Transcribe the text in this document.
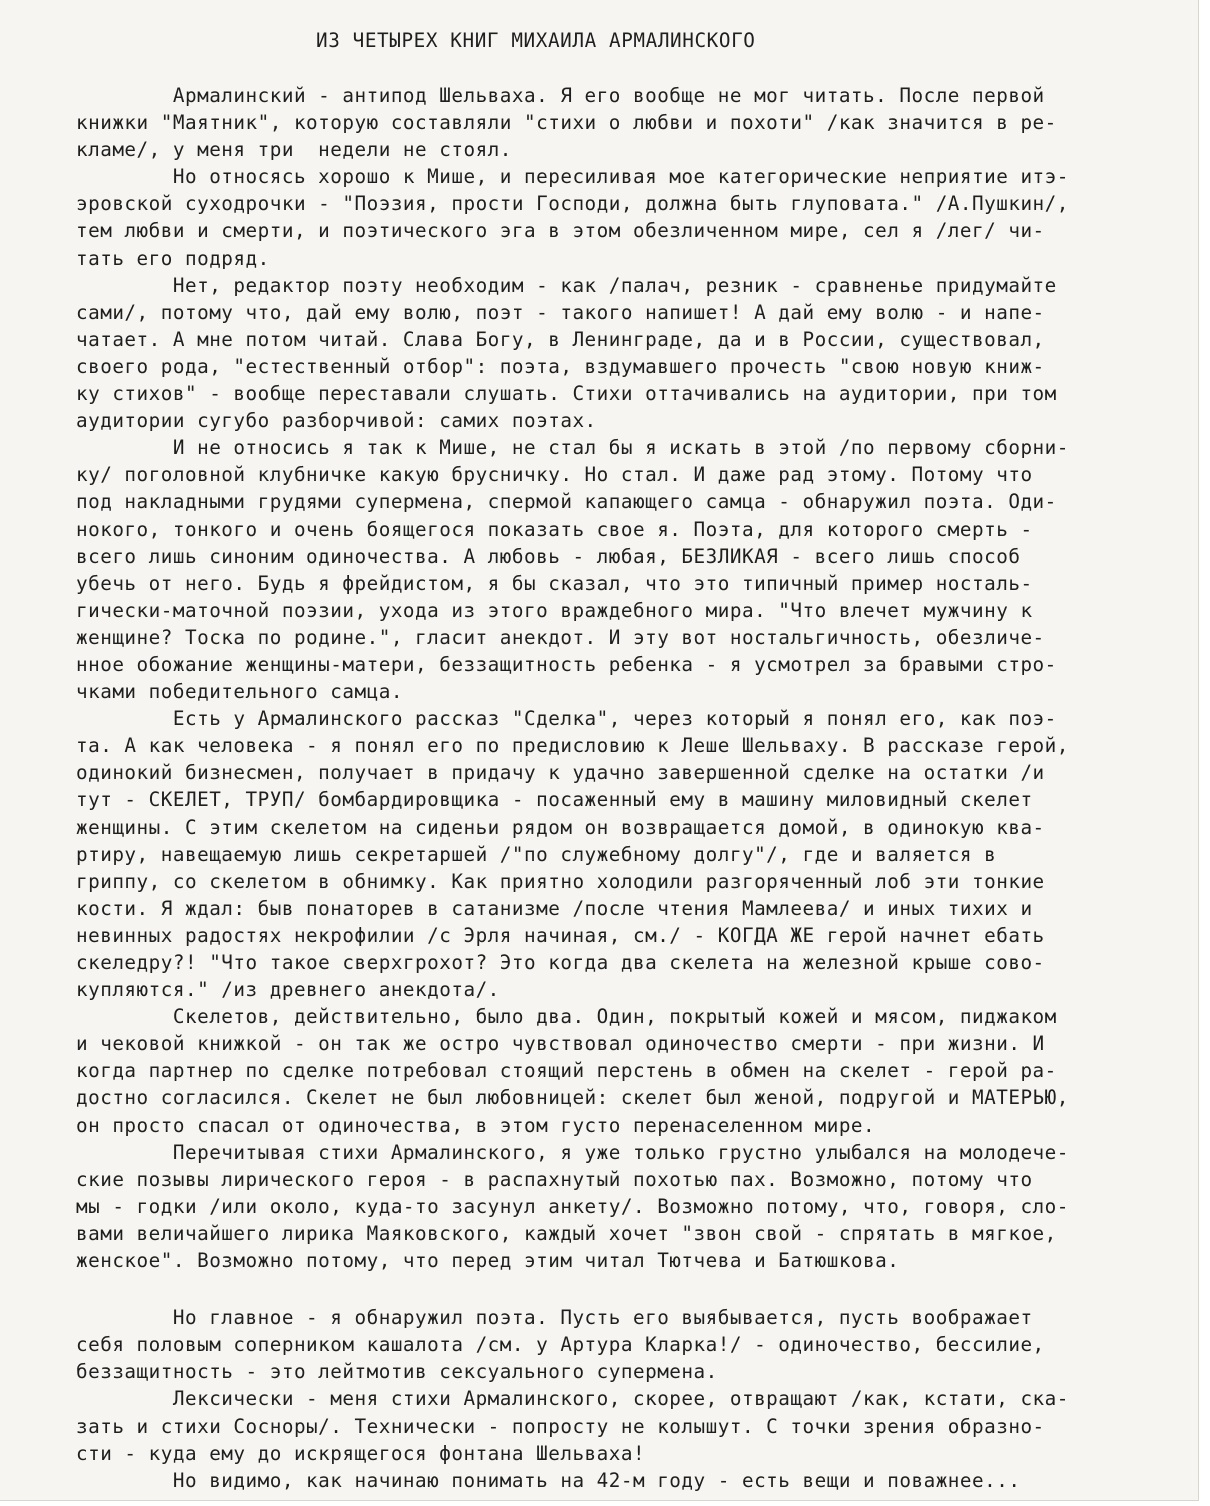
ИЗ ЧЕТЫРЕХ КНИГ МИХАИЛА АРМАЛИНСКОГО
Армалинский - антипод Шельваха. Я его вообще не мог читать. После первой
книжки "Маятник", которую составляли "стихи о любви и похоти" /как значится в ре-
кламе/, у меня три  недели не стоял.
Но относясь хорошо к Мише, и пересиливая мое категорические неприятие итэ-
эровской суходрочки - "Поэзия, прости Господи, должна быть глуповата." /А.Пушкин/,
тем любви и смерти, и поэтического эга в этом обезличенном мире, сел я /лег/ чи-
тать его подряд.
Нет, редактор поэту необходим - как /палач, резник - сравненье придумайте
сами/, потому что, дай ему волю, поэт - такого напишет! А дай ему волю - и напе-
чатает. А мне потом читай. Слава Богу, в Ленинграде, да и в России, существовал,
своего рода, "естественный отбор": поэта, вздумавшего прочесть "свою новую книж-
ку стихов" - вообще переставали слушать. Стихи оттачивались на аудитории, при том
аудитории сугубо разборчивой: самих поэтах.
И не относись я так к Мише, не стал бы я искать в этой /по первому сборни-
ку/ поголовной клубничке какую брусничку. Но стал. И даже рад этому. Потому что
под накладными грудями супермена, спермой капающего самца - обнаружил поэта. Оди-
нокого, тонкого и очень боящегося показать свое я. Поэта, для которого смерть -
всего лишь синоним одиночества. А любовь - любая, БЕЗЛИКАЯ - всего лишь способ
убечь от него. Будь я фрейдистом, я бы сказал, что это типичный пример носталь-
гически-маточной поэзии, ухода из этого враждебного мира. "Что влечет мужчину к
женщине? Тоска по родине.", гласит анекдот. И эту вот ностальгичность, обезличе-
нное обожание женщины-матери, беззащитность ребенка - я усмотрел за бравыми стро-
чками победительного самца.
Есть у Армалинского рассказ "Сделка", через который я понял его, как поэ-
та. А как человека - я понял его по предисловию к Леше Шельваху. В рассказе герой,
одинокий бизнесмен, получает в придачу к удачно завершенной сделке на остатки /и
тут - СКЕЛЕТ, ТРУП/ бомбардировщика - посаженный ему в машину миловидный скелет
женщины. С этим скелетом на сиденьи рядом он возвращается домой, в одинокую ква-
ртиру, навещаемую лишь секретаршей /"по служебному долгу"/, где и валяется в
гриппу, со скелетом в обнимку. Как приятно холодили разгоряченный лоб эти тонкие
кости. Я ждал: быв понаторев в сатанизме /после чтения Мамлеева/ и иных тихих и
невинных радостях некрофилии /с Эрля начиная, см./ - КОГДА ЖЕ герой начнет ебать
скеледру?! "Что такое сверхгрохот? Это когда два скелета на железной крыше сово-
купляются." /из древнего анекдота/.
Скелетов, действительно, было два. Один, покрытый кожей и мясом, пиджаком
и чековой книжкой - он так же остро чувствовал одиночество смерти - при жизни. И
когда партнер по сделке потребовал стоящий перстень в обмен на скелет - герой ра-
достно согласился. Скелет не был любовницей: скелет был женой, подругой и МАТЕРЬЮ,
он просто спасал от одиночества, в этом густо перенаселенном мире.
Перечитывая стихи Армалинского, я уже только грустно улыбался на молодече-
ские позывы лирического героя - в распахнутый похотью пах. Возможно, потому что
мы - годки /или около, куда-то засунул анкету/. Возможно потому, что, говоря, сло-
вами величайшего лирика Маяковского, каждый хочет "звон свой - спрятать в мягкое,
женское". Возможно потому, что перед этим читал Тютчева и Батюшкова.
Но главное - я обнаружил поэта. Пусть его выябывается, пусть воображает
себя половым соперником кашалота /см. у Артура Кларка!/ - одиночество, бессилие,
беззащитность - это лейтмотив сексуального супермена.
Лексически - меня стихи Армалинского, скорее, отвращают /как, кстати, ска-
зать и стихи Сосноры/. Технически - попросту не колышут. С точки зрения образно-
сти - куда ему до искрящегося фонтана Шельваха!
Но видимо, как начинаю понимать на 42-м году - есть вещи и поважнее...
